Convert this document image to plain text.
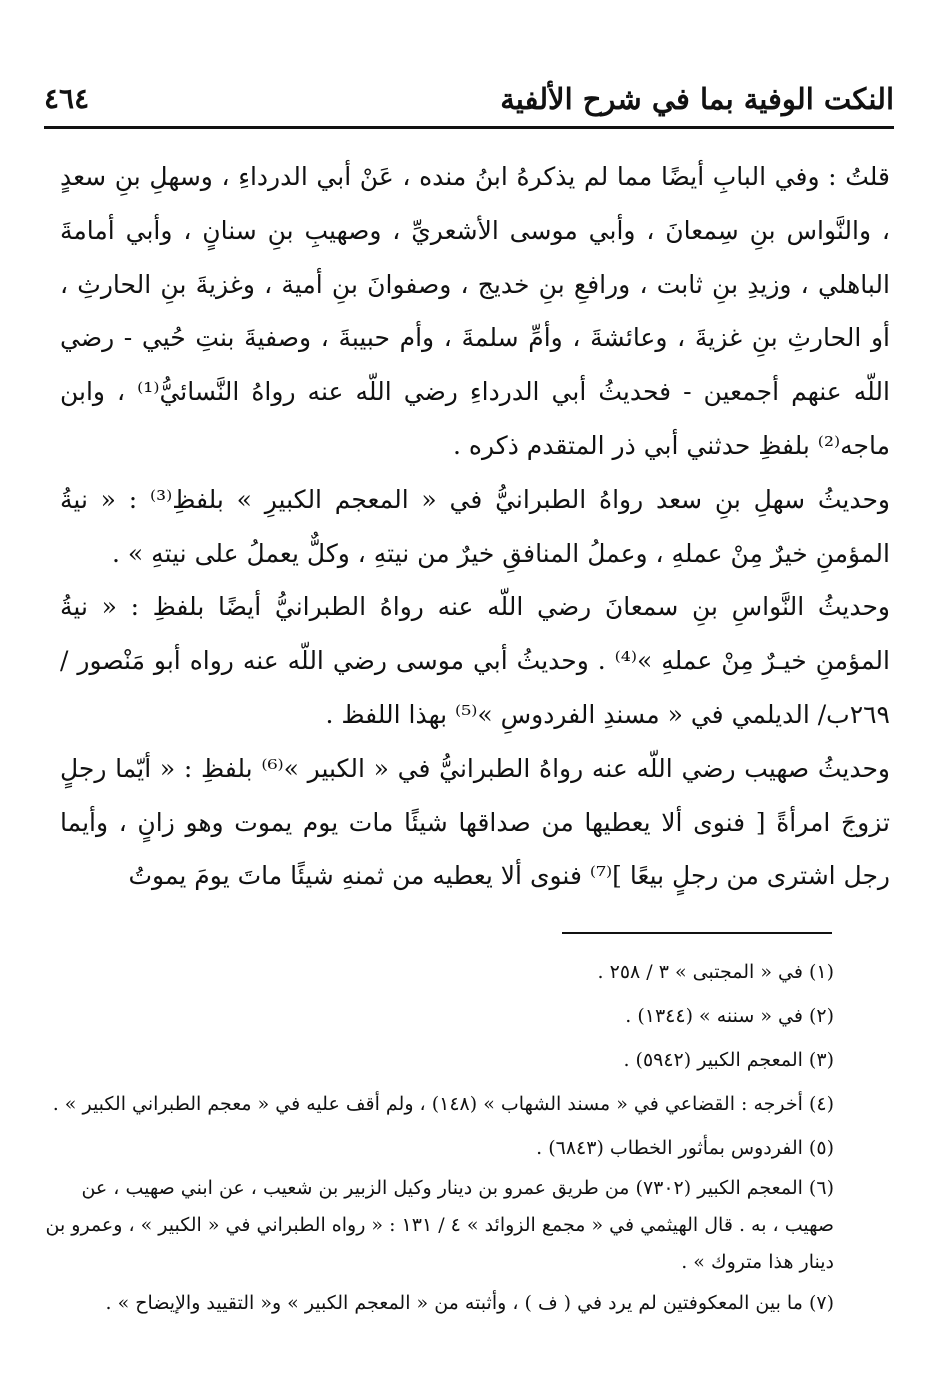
النكت الوفية بما في شرح الألفية
٤٦٤

قلتُ : وفي البابِ أيضًا مما لم يذكرهُ ابنُ منده ، عَنْ أبي الدرداءِ ، وسهلِ بنِ سعدٍ ، والنَّواس بنِ سِمعانَ ، وأبي موسى الأشعريِّ ، وصهيبِ بنِ سنانٍ ، وأبي أمامةَ الباهلي ، وزيدِ بنِ ثابت ، ورافعِ بنِ خديج ، وصفوانَ بنِ أمية ، وغزيةَ بنِ الحارثِ ، أو الحارثِ بنِ غزيةَ ، وعائشةَ ، وأمِّ سلمةَ ، وأم حبيبةَ ، وصفيةَ بنتِ حُيي - رضي اللّه عنهم أجمعين - فحديثُ أبي الدرداءِ رضي اللّه عنه رواهُ النَّسائيُّ⁽¹⁾ ، وابن ماجه⁽²⁾ بلفظِ حدثني أبي ذر المتقدم ذكره .

وحديثُ سهلِ بنِ سعد رواهُ الطبرانيُّ في « المعجم الكبيرِ » بلفظِ⁽³⁾ : « نيةُ المؤمنِ خيرٌ مِنْ عملهِ ، وعملُ المنافقِ خيرٌ من نيتهِ ، وكلٌّ يعملُ على نيتهِ » .

وحديثُ النَّواسِ بنِ سمعانَ رضي اللّه عنه رواهُ الطبرانيُّ أيضًا بلفظِ : « نيةُ المؤمنِ خيـرٌ مِنْ عملهِ »⁽⁴⁾ . وحديثُ أبي موسى رضي اللّه عنه رواه أبو مَنْصور /٢٦٩ب/ الديلمي في « مسندِ الفردوسِ »⁽⁵⁾ بهذا اللفظ .

وحديثُ صهيب رضي اللّه عنه رواهُ الطبرانيُّ في « الكبير »⁽⁶⁾ بلفظِ : « أيّما رجلٍ تزوجَ امرأةً [ فنوى ألا يعطيها من صداقها شيئًا مات يوم يموت وهو زانٍ ، وأيما رجل اشترى من رجلٍ بيعًا ]⁽⁷⁾ فنوى ألا يعطيه من ثمنهِ شيئًا ماتَ يومَ يموتُ

(١) في « المجتبى » ٣ / ٢٥٨ .

(٢) في « سننه » (١٣٤٤) .

(٣) المعجم الكبير (٥٩٤٢) .

(٤) أخرجه : القضاعي في « مسند الشهاب » (١٤٨) ، ولم أقف عليه في « معجم الطبراني الكبير » .

(٥) الفردوس بمأثور الخطاب (٦٨٤٣) .

(٦) المعجم الكبير (٧٣٠٢) من طريق عمرو بن دينار وكيل الزبير بن شعيب ، عن ابني صهيب ، عن صهيب ، به . قال الهيثمي في « مجمع الزوائد » ٤ / ١٣١ : « رواه الطبراني في « الكبير » ، وعمرو بن دينار هذا متروك » .

(٧) ما بين المعكوفتين لم يرد في ( ف ) ، وأثبته من « المعجم الكبير » و« التقييد والإيضاح » .
